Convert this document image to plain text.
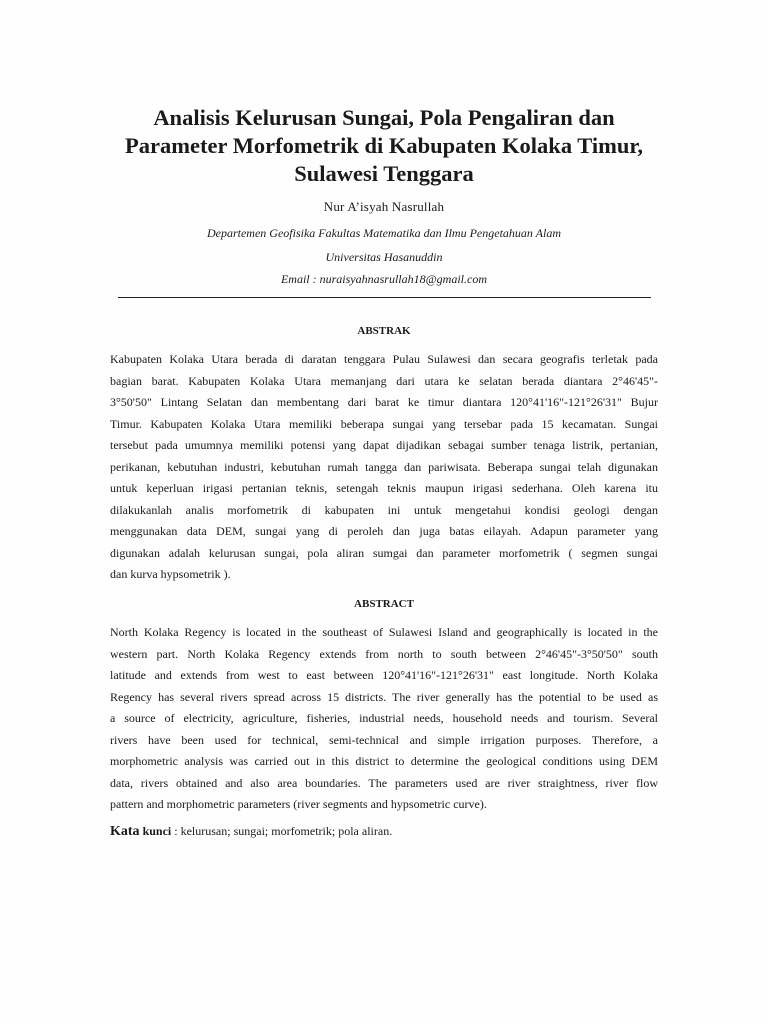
Analisis Kelurusan Sungai, Pola Pengaliran dan
Parameter Morfometrik di Kabupaten Kolaka Timur,
Sulawesi Tenggara
Nur A’isyah Nasrullah
Departemen Geofisika Fakultas Matematika dan Ilmu Pengetahuan Alam
Universitas Hasanuddin
Email : nuraisyahnasrullah18@gmail.com
ABSTRAK
Kabupaten Kolaka Utara berada di daratan tenggara Pulau Sulawesi dan secara geografis terletak pada
bagian barat. Kabupaten Kolaka Utara memanjang dari utara ke selatan berada diantara 2°46'45"-
3°50'50" Lintang Selatan dan membentang dari barat ke timur diantara 120°41'16"-121°26'31" Bujur
Timur. Kabupaten Kolaka Utara memiliki beberapa sungai yang tersebar pada 15 kecamatan. Sungai
tersebut pada umumnya memiliki potensi yang dapat dijadikan sebagai sumber tenaga listrik, pertanian,
perikanan, kebutuhan industri, kebutuhan rumah tangga dan pariwisata. Beberapa sungai telah digunakan
untuk keperluan irigasi pertanian teknis, setengah teknis maupun irigasi sederhana. Oleh karena itu
dilakukanlah analis morfometrik di kabupaten ini untuk mengetahui kondisi geologi dengan
menggunakan data DEM, sungai yang di peroleh dan juga batas eilayah. Adapun parameter yang
digunakan adalah kelurusan sungai, pola aliran sumgai dan parameter morfometrik ( segmen sungai
dan kurva hypsometrik ).
ABSTRACT
North Kolaka Regency is located in the southeast of Sulawesi Island and geographically is located in the
western part. North Kolaka Regency extends from north to south between 2°46'45"-3°50'50" south
latitude and extends from west to east between 120°41'16"-121°26'31" east longitude. North Kolaka
Regency has several rivers spread across 15 districts. The river generally has the potential to be used as
a source of electricity, agriculture, fisheries, industrial needs, household needs and tourism. Several
rivers have been used for technical, semi-technical and simple irrigation purposes. Therefore, a
morphometric analysis was carried out in this district to determine the geological conditions using DEM
data, rivers obtained and also area boundaries. The parameters used are river straightness, river flow
pattern and morphometric parameters (river segments and hypsometric curve).
Kata kunci : kelurusan; sungai; morfometrik; pola aliran.
